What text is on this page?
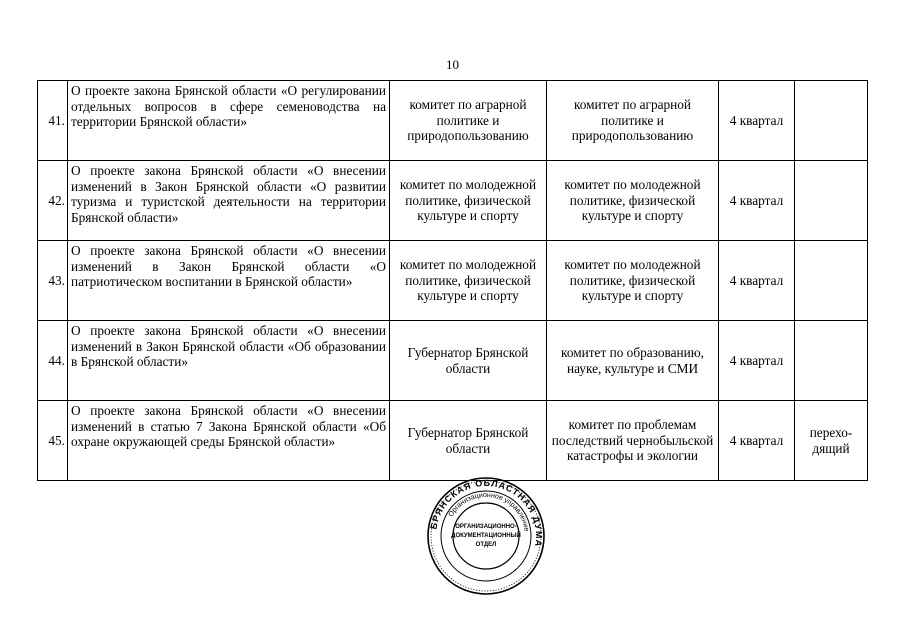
10
41.	О проекте закона Брянской области «О регулировании отдельных вопросов в сфере семеноводства на территории Брянской области»	комитет по аграрной политике и природопользованию	комитет по аграрной политике и природопользованию	4 квартал	
42.	О проекте закона Брянской области «О внесении изменений в Закон Брянской области «О развитии туризма и туристской деятельности на территории Брянской области»	комитет по молодежной политике, физической культуре и спорту	комитет по молодежной политике, физической культуре и спорту	4 квартал	
43.	О проекте закона Брянской области «О внесении изменений в Закон Брянской области «О патриотическом воспитании в Брянской области»	комитет по молодежной политике, физической культуре и спорту	комитет по молодежной политике, физической культуре и спорту	4 квартал	
44.	О проекте закона Брянской области «О внесении изменений в Закон Брянской области «Об образовании в Брянской области»	Губернатор Брянской области	комитет по образованию, науке, культуре и СМИ	4 квартал	
45.	О проекте закона Брянской области «О внесении изменений в статью 7 Закона Брянской области «Об охране окружающей среды Брянской области»	Губернатор Брянской области	комитет по проблемам последствий чернобыльской катастрофы и экологии	4 квартал	перехо-дящий
БРЯНСКАЯ ОБЛАСТНАЯ ДУМА
Организационное управление
ОРГАНИЗАЦИОННО-
ДОКУМЕНТАЦИОННЫЙ
ОТДЕЛ
